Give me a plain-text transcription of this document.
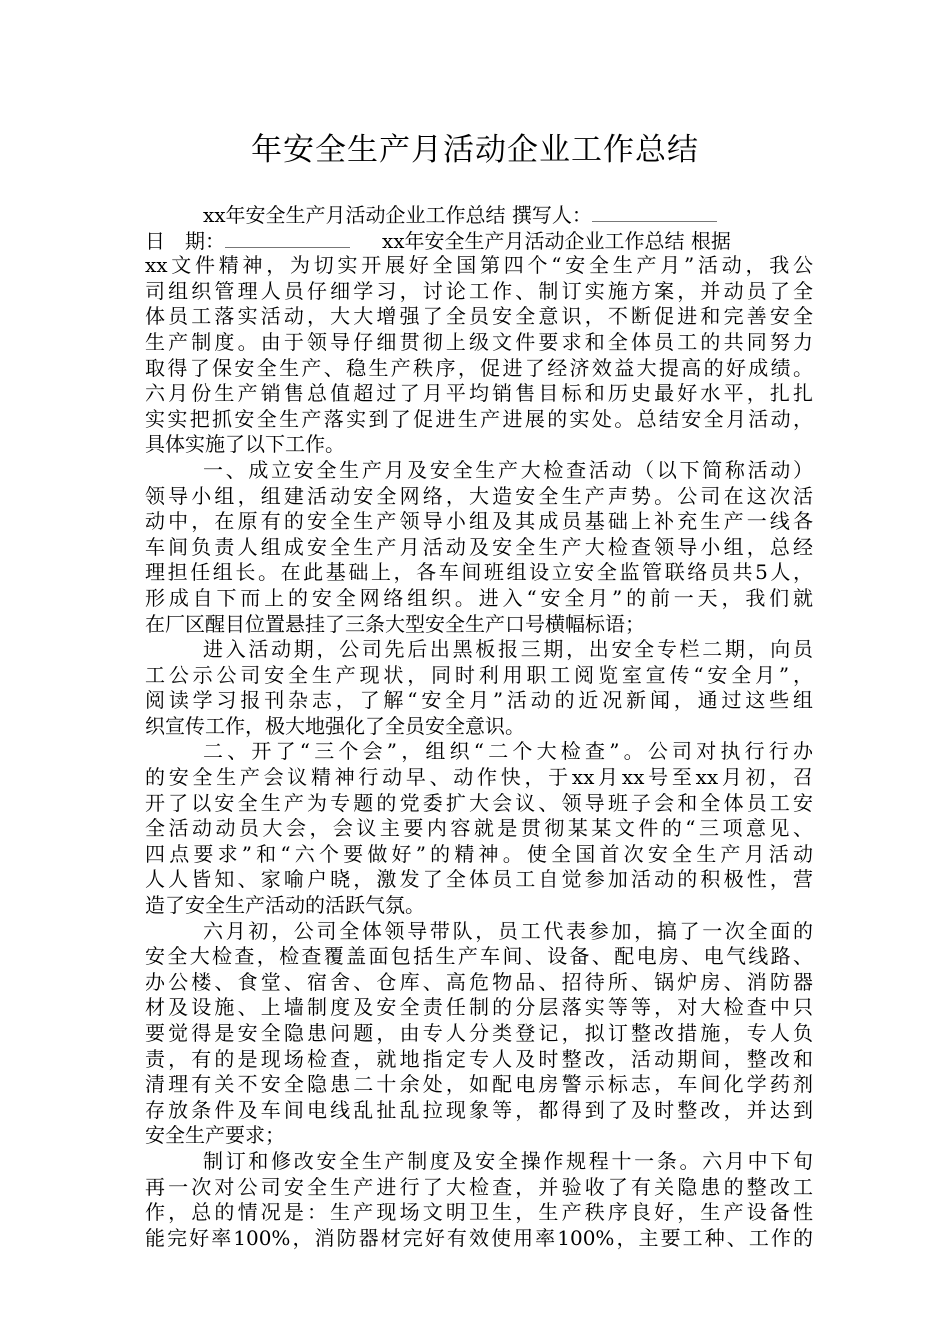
年安全生产月活动企业工作总结
xx年安全生产月活动企业工作总结 撰写人：
日　期：	xx年安全生产月活动企业工作总结 根据
xx文件精神，为切实开展好全国第四个“安全生产月”活动，我公
司组织管理人员仔细学习，讨论工作、制订实施方案，并动员了全
体员工落实活动，大大增强了全员安全意识，不断促进和完善安全
生产制度。由于领导仔细贯彻上级文件要求和全体员工的共同努力
取得了保安全生产、稳生产秩序，促进了经济效益大提高的好成绩。
六月份生产销售总值超过了月平均销售目标和历史最好水平，扎扎
实实把抓安全生产落实到了促进生产进展的实处。总结安全月活动，
具体实施了以下工作。
一、成立安全生产月及安全生产大检查活动（以下简称活动）
领导小组，组建活动安全网络，大造安全生产声势。公司在这次活
动中，在原有的安全生产领导小组及其成员基础上补充生产一线各
车间负责人组成安全生产月活动及安全生产大检查领导小组，总经
理担任组长。在此基础上，各车间班组设立安全监管联络员共5人，
形成自下而上的安全网络组织。进入“安全月”的前一天，我们就
在厂区醒目位置悬挂了三条大型安全生产口号横幅标语；
进入活动期，公司先后出黑板报三期，出安全专栏二期，向员
工公示公司安全生产现状，同时利用职工阅览室宣传“安全月”，
阅读学习报刊杂志，了解“安全月”活动的近况新闻，通过这些组
织宣传工作，极大地强化了全员安全意识。
二、开了“三个会”，组织“二个大检查”。公司对执行行办
的安全生产会议精神行动早、动作快，于xx月xx号至xx月初，召
开了以安全生产为专题的党委扩大会议、领导班子会和全体员工安
全活动动员大会，会议主要内容就是贯彻某某文件的“三项意见、
四点要求”和“六个要做好”的精神。使全国首次安全生产月活动
人人皆知、家喻户晓，激发了全体员工自觉参加活动的积极性，营
造了安全生产活动的活跃气氛。
六月初，公司全体领导带队，员工代表参加，搞了一次全面的
安全大检查，检查覆盖面包括生产车间、设备、配电房、电气线路、
办公楼、食堂、宿舍、仓库、高危物品、招待所、锅炉房、消防器
材及设施、上墙制度及安全责任制的分层落实等等，对大检查中只
要觉得是安全隐患问题，由专人分类登记，拟订整改措施，专人负
责，有的是现场检查，就地指定专人及时整改，活动期间，整改和
清理有关不安全隐患二十余处，如配电房警示标志，车间化学药剂
存放条件及车间电线乱扯乱拉现象等，都得到了及时整改，并达到
安全生产要求；
制订和修改安全生产制度及安全操作规程十一条。六月中下旬
再一次对公司安全生产进行了大检查，并验收了有关隐患的整改工
作，总的情况是：生产现场文明卫生，生产秩序良好，生产设备性
能完好率100%，消防器材完好有效使用率100%，主要工种、工作的
